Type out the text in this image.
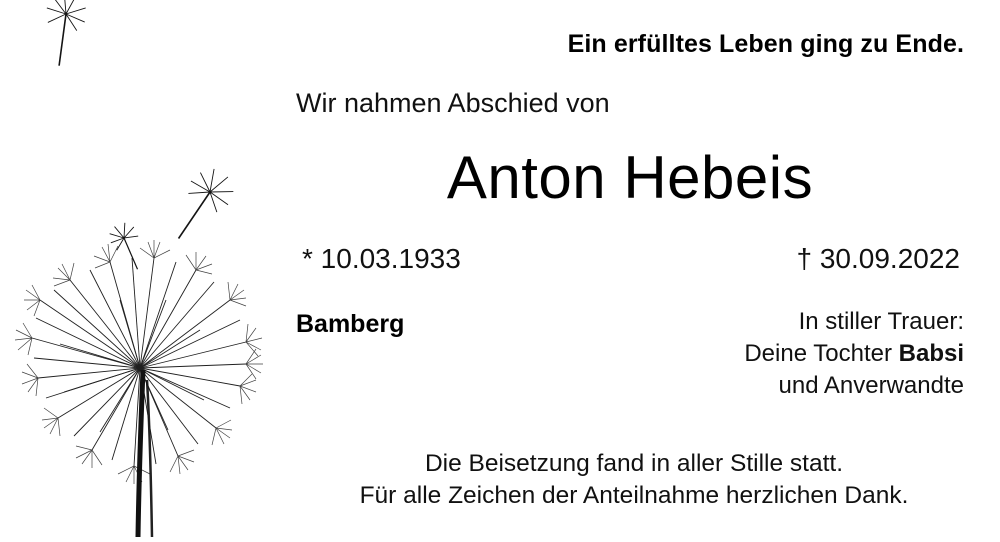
Ein erfülltes Leben ging zu Ende.
Wir nahmen Abschied von
Anton Hebeis
* 10.03.1933	† 30.09.2022
Bamberg	In stiller Trauer:
Deine Tochter Babsi
und Anverwandte
Die Beisetzung fand in aller Stille statt.
Für alle Zeichen der Anteilnahme herzlichen Dank.
